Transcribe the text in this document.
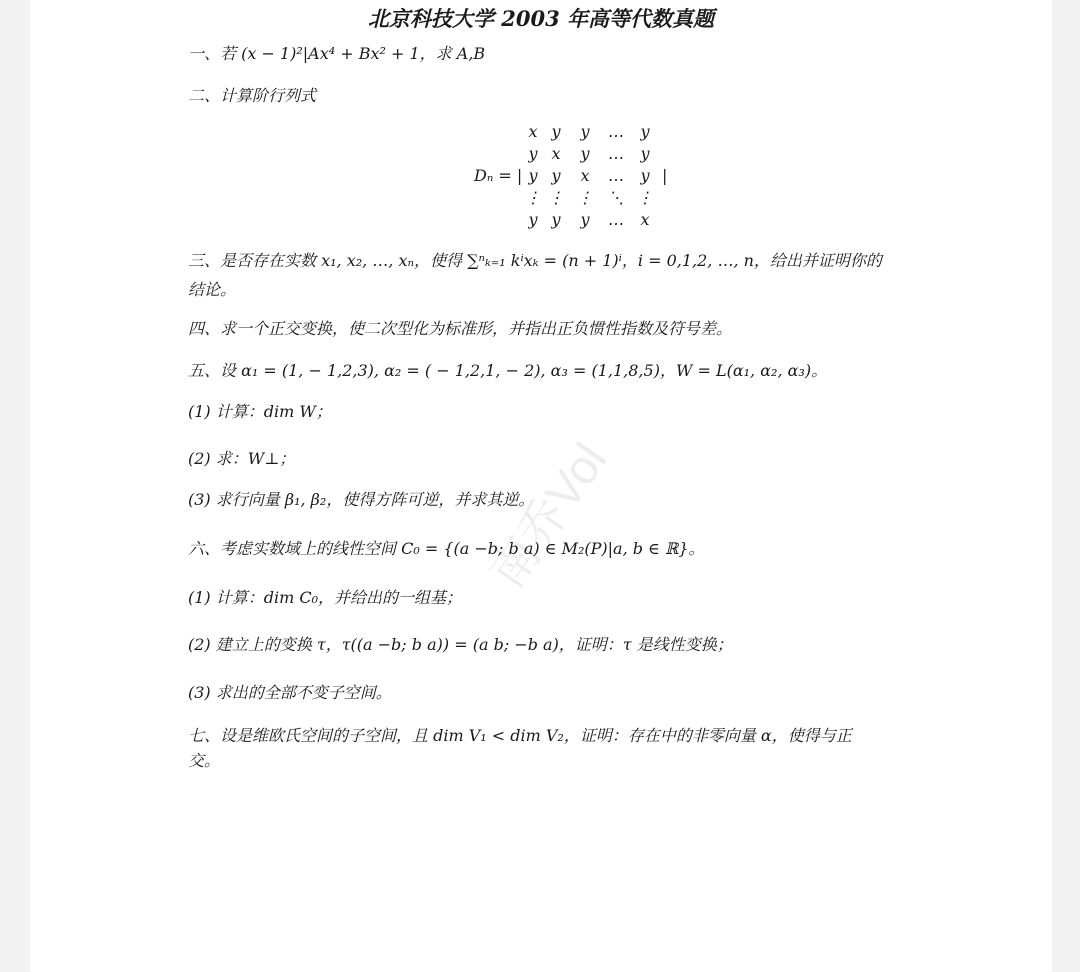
北京科技大学 2003 年高等代数真题
一、若 (x − 1)²|Ax⁴ + Bx² + 1，求 A,B
二、计算阶行列式
Dₙ = |
x y	y	…	y
y x	y	…	y
y y	x	…	y
⋮ ⋮ ⋮ ⋱ ⋮
y y	y	…	x
|
三、是否存在实数 x₁, x₂, …, xₙ，使得 ∑ⁿₖ₌₁ kⁱxₖ = (n + 1)ⁱ，i = 0,1,2, …, n，给出并证明你的
结论。
四、求一个正交变换，使二次型化为标准形，并指出正负惯性指数及符号差。
五、设 α₁ = (1, − 1,2,3), α₂ = ( − 1,2,1, − 2), α₃ = (1,1,8,5)，W = L(α₁, α₂, α₃)。
(1) 计算：dim W；
(2) 求：W⊥；
(3) 求行向量 β₁, β₂，使得方阵可逆，并求其逆。
六、考虑实数域上的线性空间 C₀ = {(a −b; b a) ∈ M₂(P)|a, b ∈ ℝ}。
(1) 计算：dim C₀，并给出的一组基；
(2) 建立上的变换 τ，τ((a −b; b a)) = (a b; −b a)，证明：τ 是线性变换；
(3) 求出的全部不变子空间。
七、设是维欧氏空间的子空间，且 dim V₁ < dim V₂，证明：存在中的非零向量 α，使得与正
交。
南乔Vol
